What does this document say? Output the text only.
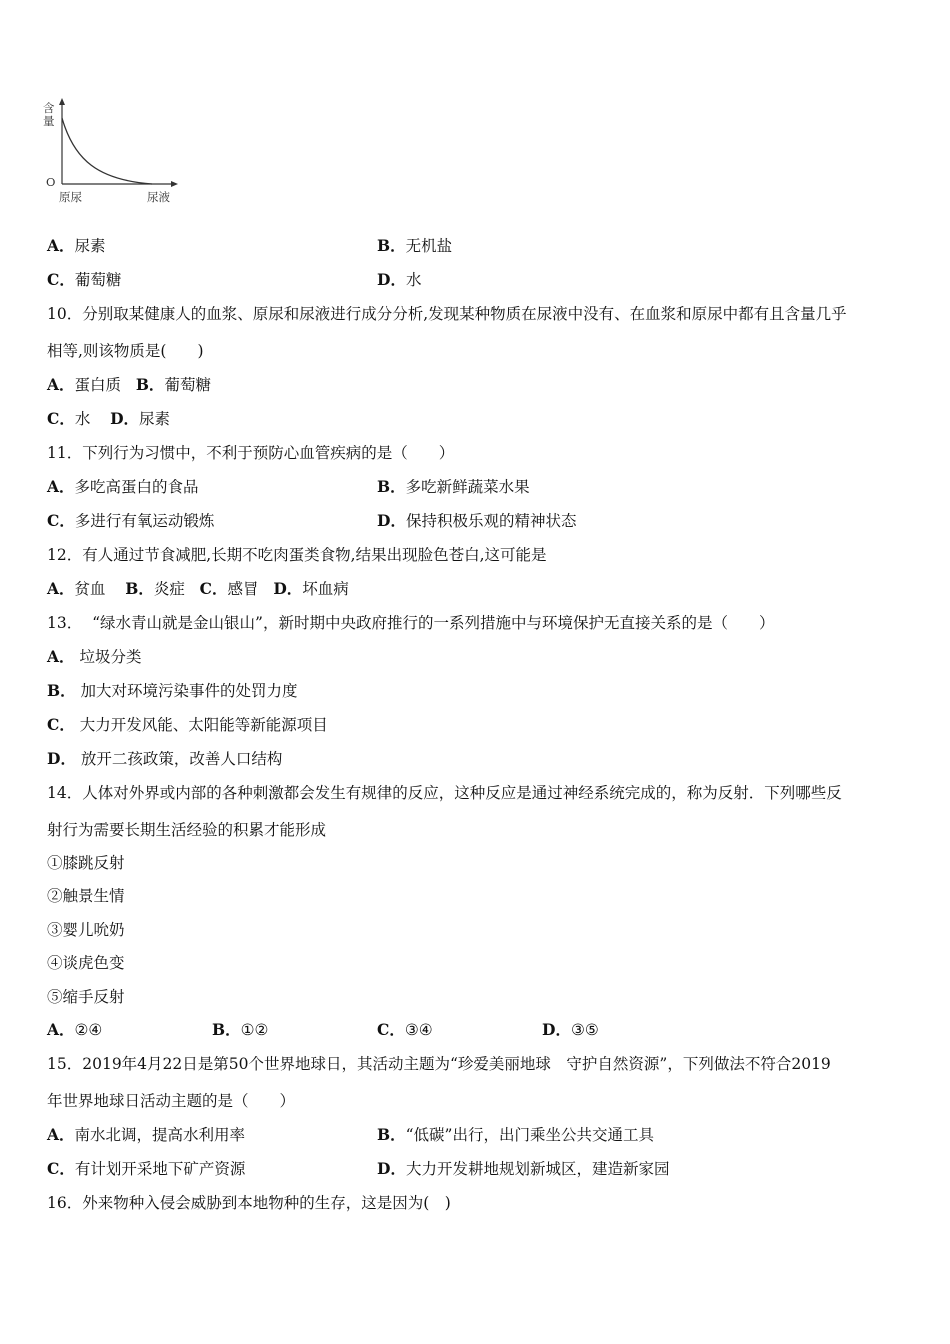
含
量
O
原尿	尿液
A．尿素	B．无机盐
C．葡萄糖	D．水
10．分别取某健康人的血浆、原尿和尿液进行成分分析,发现某种物质在尿液中没有、在血浆和原尿中都有且含量几乎
相等,则该物质是(　　)
A．蛋白质 B．葡萄糖
C．水 D．尿素
11．下列行为习惯中，不利于预防心血管疾病的是（　　）
A．多吃高蛋白的食品	B．多吃新鲜蔬菜水果
C．多进行有氧运动锻炼	D．保持积极乐观的精神状态
12．有人通过节食减肥,长期不吃肉蛋类食物,结果出现脸色苍白,这可能是
A．贫血 B．炎症 C．感冒 D．坏血病
13． “绿水青山就是金山银山”，新时期中央政府推行的一系列措施中与环境保护无直接关系的是（　　）
A． 垃圾分类
B． 加大对环境污染事件的处罚力度
C． 大力开发风能、太阳能等新能源项目
D． 放开二孩政策，改善人口结构
14．人体对外界或内部的各种刺激都会发生有规律的反应，这种反应是通过神经系统完成的，称为反射．下列哪些反
射行为需要长期生活经验的积累才能形成
①膝跳反射
②触景生情
③婴儿吮奶
④谈虎色变
⑤缩手反射
A．②④	B．①②	C．③④	D．③⑤
15．2019年4月22日是第50个世界地球日，其活动主题为“珍爱美丽地球　守护自然资源”，下列做法不符合2019
年世界地球日活动主题的是（　　）
A．南水北调，提高水利用率	B．“低碳”出行，出门乘坐公共交通工具
C．有计划开采地下矿产资源	D．大力开发耕地规划新城区，建造新家园
16．外来物种入侵会威胁到本地物种的生存，这是因为(　)
